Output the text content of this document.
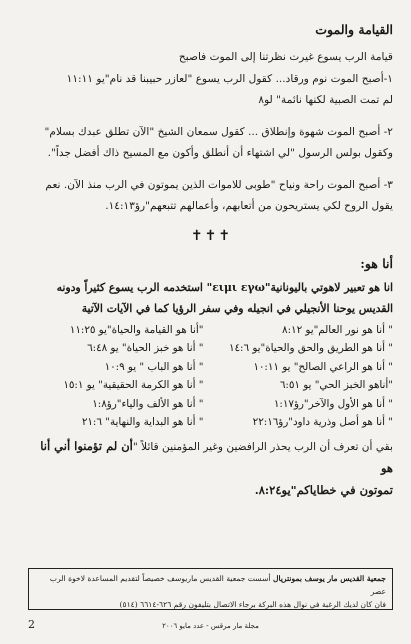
القيامة والموت

قيامة الرب يسوع غيرت نظرتنا إلى الموت فاصبح

١-أصبح الموت نوم ورقاد... كقول الرب يسوع "لعازر حبيبنا قد نام"يو ١١:١١

لم تمت الصبية لكنها نائمة" لو٨

٢- أصبح الموت شهوة وإنطلاق ... كقول سمعان الشيخ "الآن تطلق عبدك بسلام"

وكقول بولس الرسول "لي اشتهاء أن أنطلق وأكون مع المسيح ذاك أفضل جداً".

٣- أصبح الموت راحة ونياح "طوبى للاموات الذين يموتون في الرب منذ الآن. نعم

يقول الروح لكي يستريحون من أتعابهم، وأعمالهم تتبعهم"رؤ١٤:١٣.

✝✝✝
أنا هو:
انا هو تعبير لاهوتي باليونانية"ειμι εγω" استخدمه الرب يسوع كثيراً ودونه
القديس يوحنا الأنجيلي في انجيله وفي سفر الرؤيا كما في الآيات الآتية
" أنا هو نور العالم"يو ٨:١٢
"أنا هو القيامة والحياة"يو ١١:٢٥
" أنا هو الطريق والحق والحياة"يو ١٤:٦
" أنا هو خبز الحياة" يو ٦:٤٨
" أنا هو الراعي الصالح" يو ١٠:١١
" أنا هو الباب " يو ١٠:٩
"أناهو الخبز الحي" يو ٦:٥١
" أنا هو الكرمة الحقيقية" يو ١٥:١
" أنا هو الأول والآخر"رؤ١:١٧
" أنا هو الألف والياء"رؤ١:٨
" أنا هو أصل وذرية داود"رؤ٢٢:١٦
" أنا هو البداية والنهاية" ٢١:٦

بقي أن تعرف أن الرب يحذر الرافضين وغير المؤمنين قائلاً "أن لم تؤمنوا أني أنا هو

تموتون في خطاياكم"يو٨:٢٤.

جمعية القديس مار يوسف بمونتريال أسست جمعية القديس ماريوسف خصيصاً لتقديم المساعدة لاخوة الرب عصر
فان كان لديك الرغبة في نوال هذه البركة برجاء الاتصال بتليفون رقم ٦٢٦-٦٦١٤ (٥١٤)
2	مجلة مار مرقس - عدد مايو ٢٠٠٦
